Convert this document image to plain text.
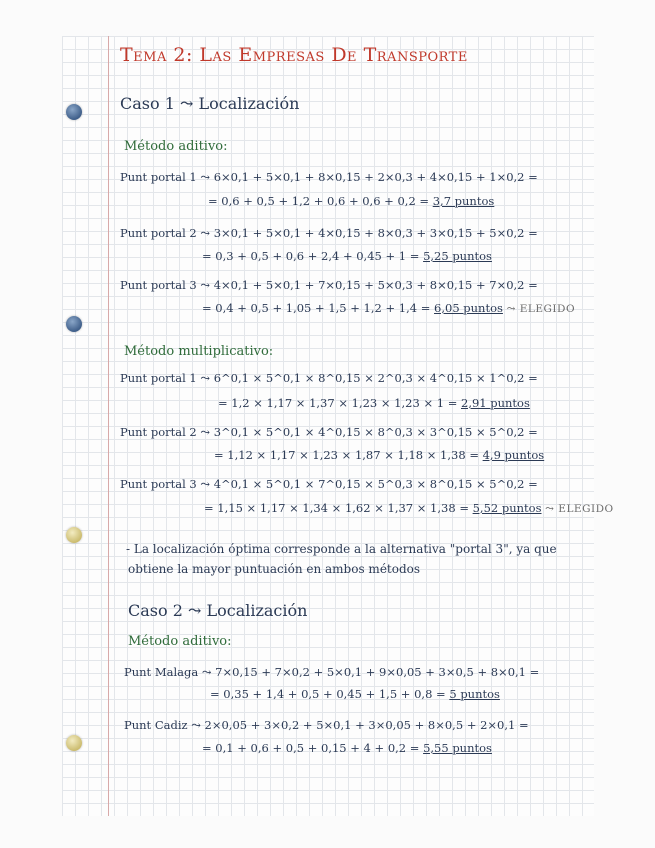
Tema 2: Las Empresas De Transporte
Caso 1 ⤳ Localización
Método aditivo:
Punt portal 1 ⤳ 6×0,1 + 5×0,1 + 8×0,15 + 2×0,3 + 4×0,15 + 1×0,2 =
= 0,6 + 0,5 + 1,2 + 0,6 + 0,6 + 0,2 = 3,7 puntos
Punt portal 2 ⤳ 3×0,1 + 5×0,1 + 4×0,15 + 8×0,3 + 3×0,15 + 5×0,2 =
= 0,3 + 0,5 + 0,6 + 2,4 + 0,45 + 1 = 5,25 puntos
Punt portal 3 ⤳ 4×0,1 + 5×0,1 + 7×0,15 + 5×0,3 + 8×0,15 + 7×0,2 =
= 0,4 + 0,5 + 1,05 + 1,5 + 1,2 + 1,4 = 6,05 puntos ⤳ ELEGIDO
Método multiplicativo:
Punt portal 1 ⤳ 6^0,1 × 5^0,1 × 8^0,15 × 2^0,3 × 4^0,15 × 1^0,2 =
= 1,2 × 1,17 × 1,37 × 1,23 × 1,23 × 1 = 2,91 puntos
Punt portal 2 ⤳ 3^0,1 × 5^0,1 × 4^0,15 × 8^0,3 × 3^0,15 × 5^0,2 =
= 1,12 × 1,17 × 1,23 × 1,87 × 1,18 × 1,38 = 4,9 puntos
Punt portal 3 ⤳ 4^0,1 × 5^0,1 × 7^0,15 × 5^0,3 × 8^0,15 × 5^0,2 =
= 1,15 × 1,17 × 1,34 × 1,62 × 1,37 × 1,38 = 5,52 puntos ⤳ ELEGIDO
- La localización óptima corresponde a la alternativa "portal 3", ya que
obtiene la mayor puntuación en ambos métodos
Caso 2 ⤳ Localización
Método aditivo:
Punt Malaga ⤳ 7×0,15 + 7×0,2 + 5×0,1 + 9×0,05 + 3×0,5 + 8×0,1 =
= 0,35 + 1,4 + 0,5 + 0,45 + 1,5 + 0,8 = 5 puntos
Punt Cadiz ⤳ 2×0,05 + 3×0,2 + 5×0,1 + 3×0,05 + 8×0,5 + 2×0,1 =
= 0,1 + 0,6 + 0,5 + 0,15 + 4 + 0,2 = 5,55 puntos
